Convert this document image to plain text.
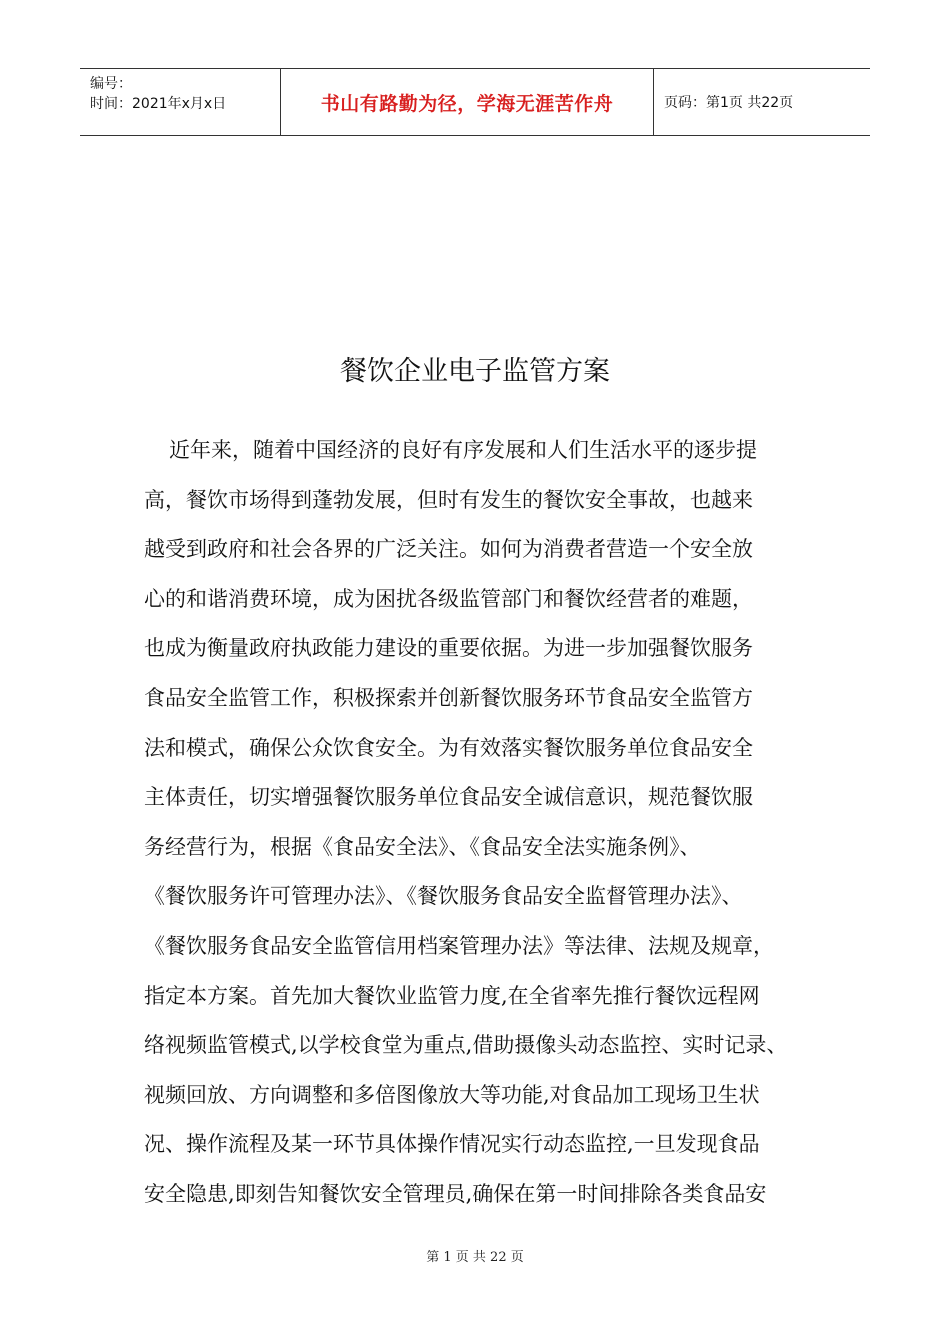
编号：
时间：2021年x月x日	书山有路勤为径，学海无涯苦作舟	页码：第1页 共22页
餐饮企业电子监管方案
近年来，随着中国经济的良好有序发展和人们生活水平的逐步提
高，餐饮市场得到蓬勃发展，但时有发生的餐饮安全事故，也越来
越受到政府和社会各界的广泛关注。如何为消费者营造一个安全放
心的和谐消费环境，成为困扰各级监管部门和餐饮经营者的难题，
也成为衡量政府执政能力建设的重要依据。为进一步加强餐饮服务
食品安全监管工作，积极探索并创新餐饮服务环节食品安全监管方
法和模式，确保公众饮食安全。为有效落实餐饮服务单位食品安全
主体责任，切实增强餐饮服务单位食品安全诚信意识，规范餐饮服
务经营行为，根据《食品安全法》、《食品安全法实施条例》、
《餐饮服务许可管理办法》、《餐饮服务食品安全监督管理办法》、
《餐饮服务食品安全监管信用档案管理办法》等法律、法规及规章，
指定本方案。首先加大餐饮业监管力度,在全省率先推行餐饮远程网
络视频监管模式,以学校食堂为重点,借助摄像头动态监控、实时记录、
视频回放、方向调整和多倍图像放大等功能,对食品加工现场卫生状
况、操作流程及某一环节具体操作情况实行动态监控,一旦发现食品
安全隐患,即刻告知餐饮安全管理员,确保在第一时间排除各类食品安
第 1 页 共 22 页
